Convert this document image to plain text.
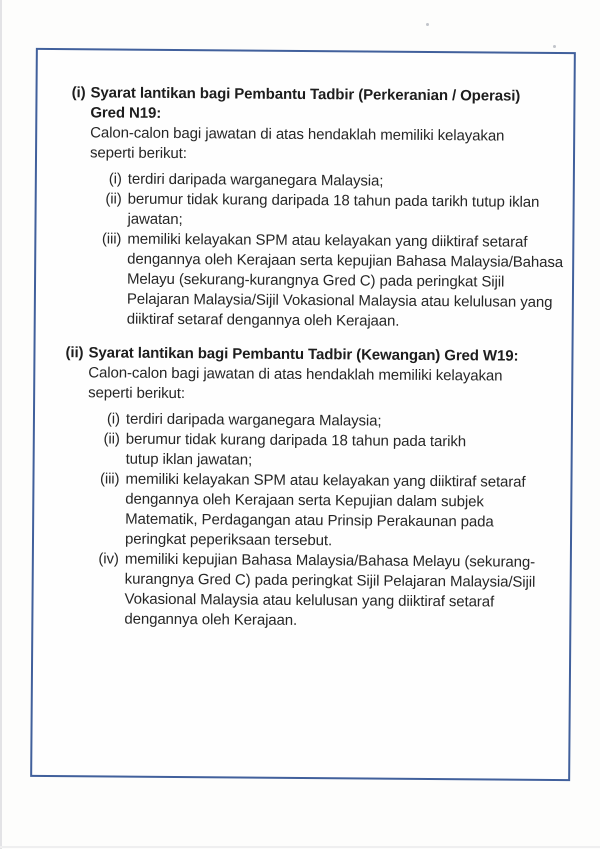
(i) Syarat lantikan bagi Pembantu Tadbir (Perkeranian / Operasi)
Gred N19:
Calon-calon bagi jawatan di atas hendaklah memiliki kelayakan
seperti berikut:
(i) terdiri daripada warganegara Malaysia;
(ii) berumur tidak kurang daripada 18 tahun pada tarikh tutup iklan
jawatan;
(iii) memiliki kelayakan SPM atau kelayakan yang diiktiraf setaraf
dengannya oleh Kerajaan serta kepujian Bahasa Malaysia/Bahasa
Melayu (sekurang-kurangnya Gred C) pada peringkat Sijil
Pelajaran Malaysia/Sijil Vokasional Malaysia atau kelulusan yang
diiktiraf setaraf dengannya oleh Kerajaan.
(ii) Syarat lantikan bagi Pembantu Tadbir (Kewangan) Gred W19:
Calon-calon bagi jawatan di atas hendaklah memiliki kelayakan
seperti berikut:
(i) terdiri daripada warganegara Malaysia;
(ii) berumur tidak kurang daripada 18 tahun pada tarikh
tutup iklan jawatan;
(iii) memiliki kelayakan SPM atau kelayakan yang diiktiraf setaraf
dengannya oleh Kerajaan serta Kepujian dalam subjek
Matematik, Perdagangan atau Prinsip Perakaunan pada
peringkat peperiksaan tersebut.
(iv) memiliki kepujian Bahasa Malaysia/Bahasa Melayu (sekurang-
kurangnya Gred C) pada peringkat Sijil Pelajaran Malaysia/Sijil
Vokasional Malaysia atau kelulusan yang diiktiraf setaraf
dengannya oleh Kerajaan.
